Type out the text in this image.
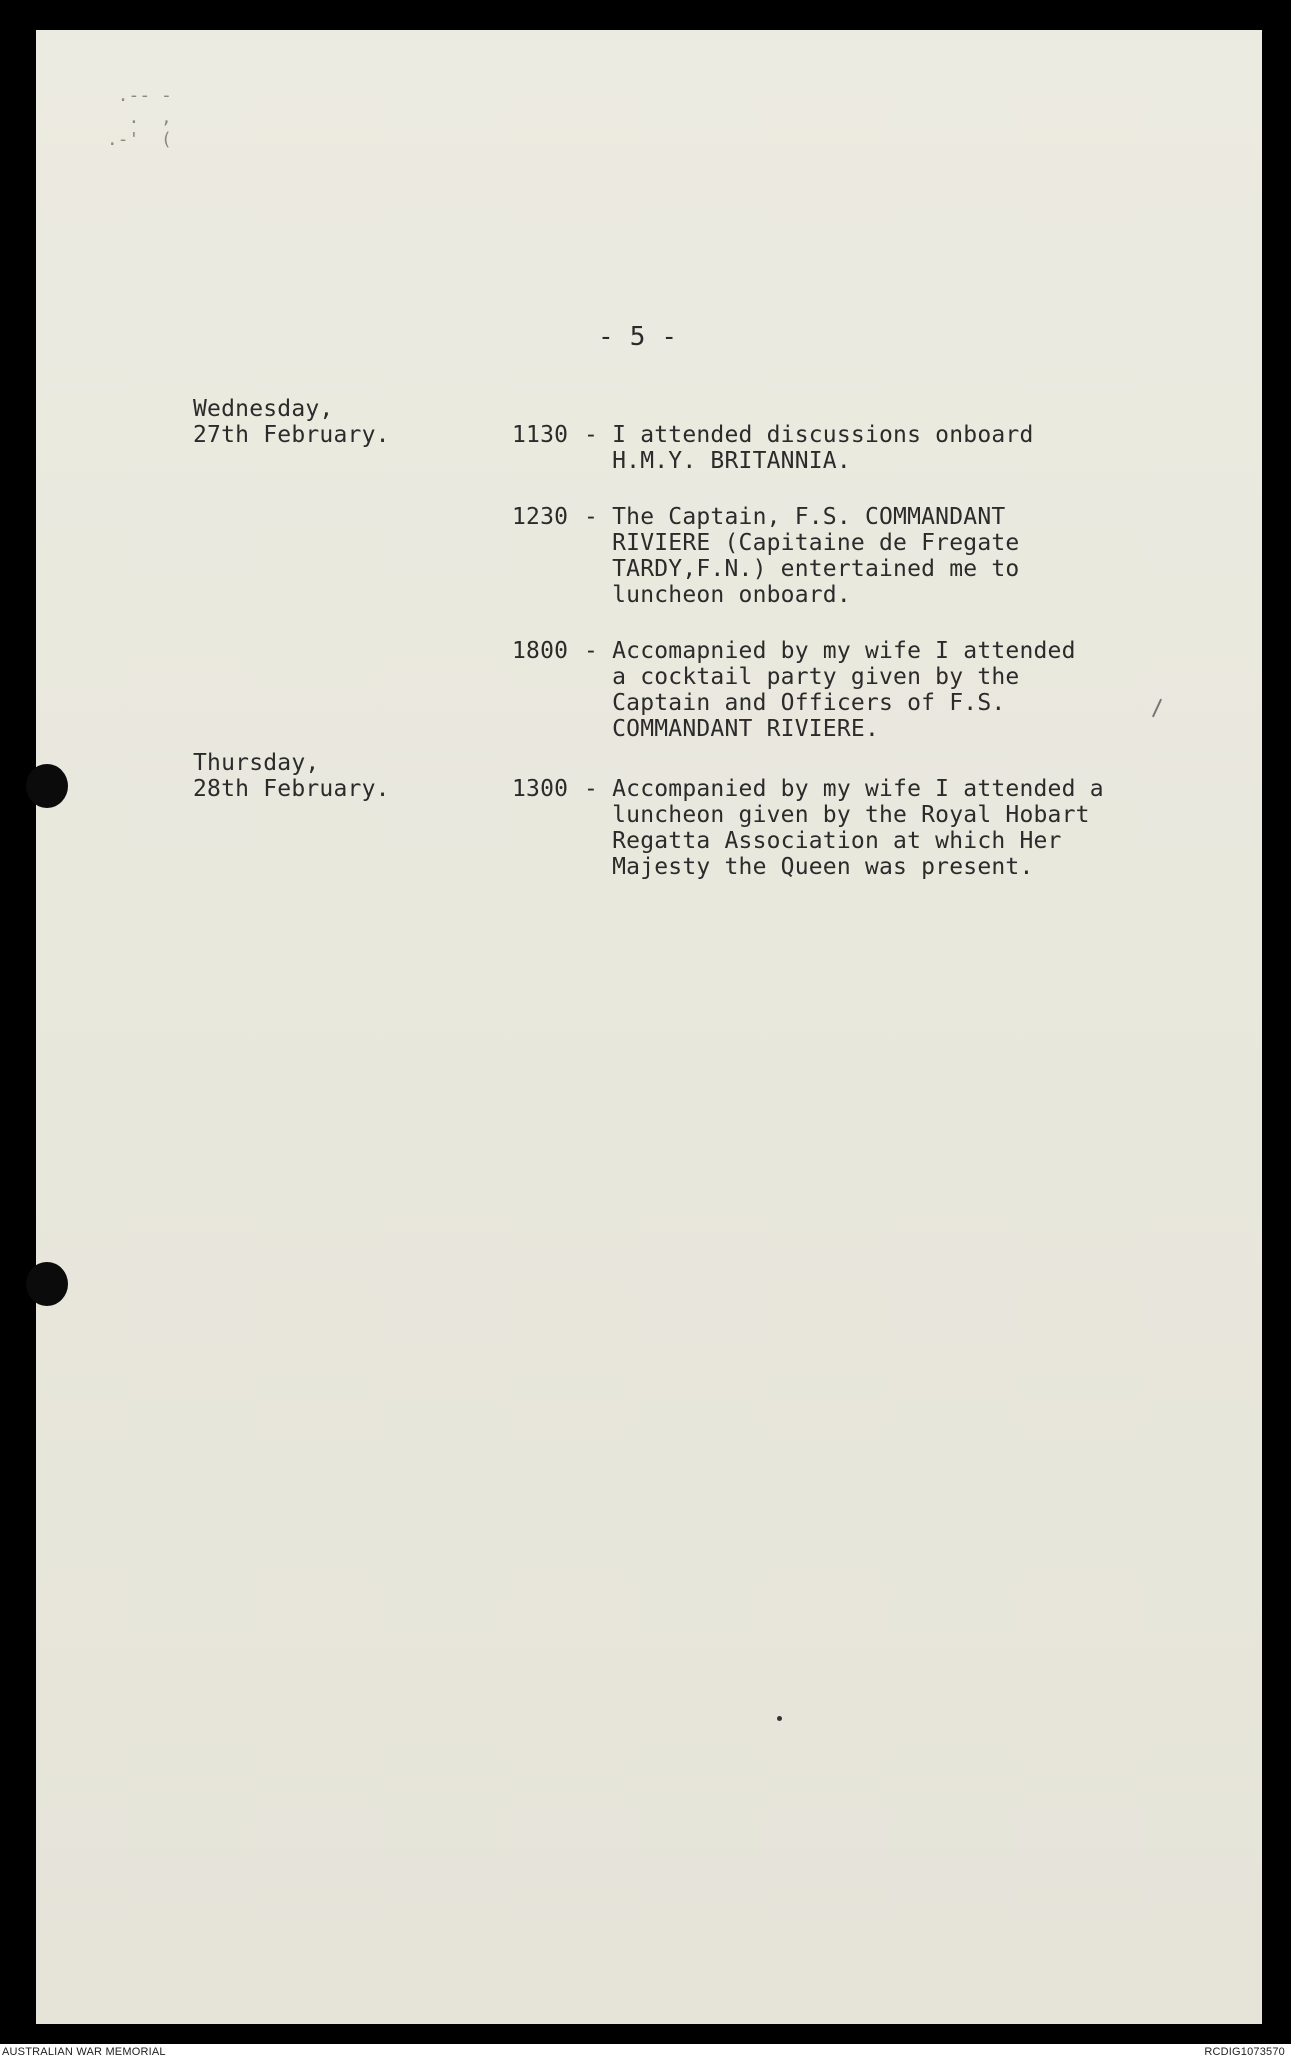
.-- -
.  ,
.-'  (
- 5 -
Wednesday,
27th February.	1130 - I attended discussions onboard
H.M.Y. BRITANNIA.
1230 - The Captain, F.S. COMMANDANT
RIVIERE (Capitaine de Fregate
TARDY,F.N.) entertained me to
luncheon onboard.
1800 - Accomapnied by my wife I attended
a cocktail party given by the
Captain and Officers of F.S.
COMMANDANT RIVIERE.
Thursday,
28th February.	1300 - Accompanied by my wife I attended a
luncheon given by the Royal Hobart
Regatta Association at which Her
Majesty the Queen was present.
AUSTRALIAN WAR MEMORIAL	RCDIG1073570
